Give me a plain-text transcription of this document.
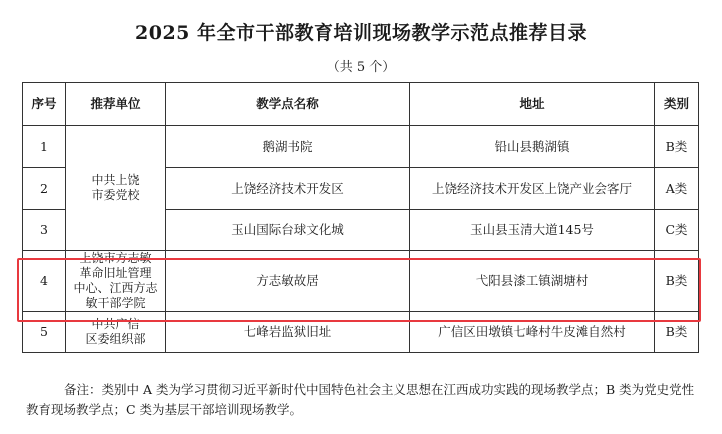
2025 年全市干部教育培训现场教学示范点推荐目录
（共 5 个）
序号	推荐单位	教学点名称	地址	类别
1	中共上饶
市委党校	鹅湖书院	铅山县鹅湖镇	B类
2		上饶经济技术开发区	上饶经济技术开发区上饶产业会客厅	A类
3		玉山国际台球文化城	玉山县玉清大道145号	C类
4	上饶市方志敏
革命旧址管理
中心、江西方志
敏干部学院	方志敏故居	弋阳县漆工镇湖塘村	B类
5	中共广信
区委组织部	七峰岩监狱旧址	广信区田墩镇七峰村牛皮滩自然村	B类
备注：类别中 A 类为学习贯彻习近平新时代中国特色社会主义思想在江西成功实践的现场教学点；B 类为党史党性教育现场教学点；C 类为基层干部培训现场教学。
